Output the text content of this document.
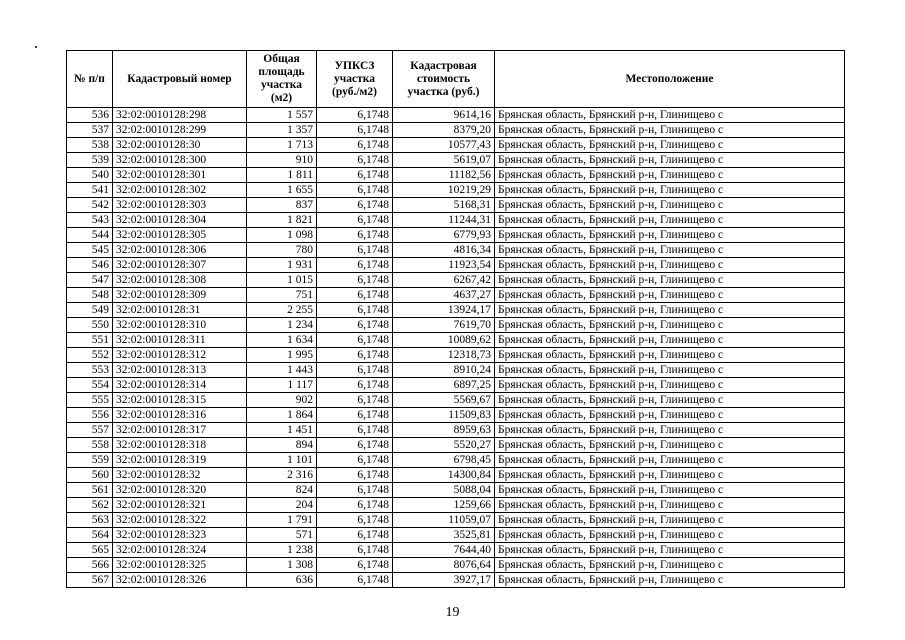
№ п/п	Кадастровый номер	Общая площадь участка (м2)	УПКСЗ участка (руб./м2)	Кадастровая стоимость участка (руб.)	Местоположение
536	32:02:0010128:298	1 557	6,1748	9614,16	Брянская область, Брянский р-н, Глинищево с
537	32:02:0010128:299	1 357	6,1748	8379,20	Брянская область, Брянский р-н, Глинищево с
538	32:02:0010128:30	1 713	6,1748	10577,43	Брянская область, Брянский р-н, Глинищево с
539	32:02:0010128:300	910	6,1748	5619,07	Брянская область, Брянский р-н, Глинищево с
540	32:02:0010128:301	1 811	6,1748	11182,56	Брянская область, Брянский р-н, Глинищево с
541	32:02:0010128:302	1 655	6,1748	10219,29	Брянская область, Брянский р-н, Глинищево с
542	32:02:0010128:303	837	6,1748	5168,31	Брянская область, Брянский р-н, Глинищево с
543	32:02:0010128:304	1 821	6,1748	11244,31	Брянская область, Брянский р-н, Глинищево с
544	32:02:0010128:305	1 098	6,1748	6779,93	Брянская область, Брянский р-н, Глинищево с
545	32:02:0010128:306	780	6,1748	4816,34	Брянская область, Брянский р-н, Глинищево с
546	32:02:0010128:307	1 931	6,1748	11923,54	Брянская область, Брянский р-н, Глинищево с
547	32:02:0010128:308	1 015	6,1748	6267,42	Брянская область, Брянский р-н, Глинищево с
548	32:02:0010128:309	751	6,1748	4637,27	Брянская область, Брянский р-н, Глинищево с
549	32:02:0010128:31	2 255	6,1748	13924,17	Брянская область, Брянский р-н, Глинищево с
550	32:02:0010128:310	1 234	6,1748	7619,70	Брянская область, Брянский р-н, Глинищево с
551	32:02:0010128:311	1 634	6,1748	10089,62	Брянская область, Брянский р-н, Глинищево с
552	32:02:0010128:312	1 995	6,1748	12318,73	Брянская область, Брянский р-н, Глинищево с
553	32:02:0010128:313	1 443	6,1748	8910,24	Брянская область, Брянский р-н, Глинищево с
554	32:02:0010128:314	1 117	6,1748	6897,25	Брянская область, Брянский р-н, Глинищево с
555	32:02:0010128:315	902	6,1748	5569,67	Брянская область, Брянский р-н, Глинищево с
556	32:02:0010128:316	1 864	6,1748	11509,83	Брянская область, Брянский р-н, Глинищево с
557	32:02:0010128:317	1 451	6,1748	8959,63	Брянская область, Брянский р-н, Глинищево с
558	32:02:0010128:318	894	6,1748	5520,27	Брянская область, Брянский р-н, Глинищево с
559	32:02:0010128:319	1 101	6,1748	6798,45	Брянская область, Брянский р-н, Глинищево с
560	32:02:0010128:32	2 316	6,1748	14300,84	Брянская область, Брянский р-н, Глинищево с
561	32:02:0010128:320	824	6,1748	5088,04	Брянская область, Брянский р-н, Глинищево с
562	32:02:0010128:321	204	6,1748	1259,66	Брянская область, Брянский р-н, Глинищево с
563	32:02:0010128:322	1 791	6,1748	11059,07	Брянская область, Брянский р-н, Глинищево с
564	32:02:0010128:323	571	6,1748	3525,81	Брянская область, Брянский р-н, Глинищево с
565	32:02:0010128:324	1 238	6,1748	7644,40	Брянская область, Брянский р-н, Глинищево с
566	32:02:0010128:325	1 308	6,1748	8076,64	Брянская область, Брянский р-н, Глинищево с
567	32:02:0010128:326	636	6,1748	3927,17	Брянская область, Брянский р-н, Глинищево с
19
